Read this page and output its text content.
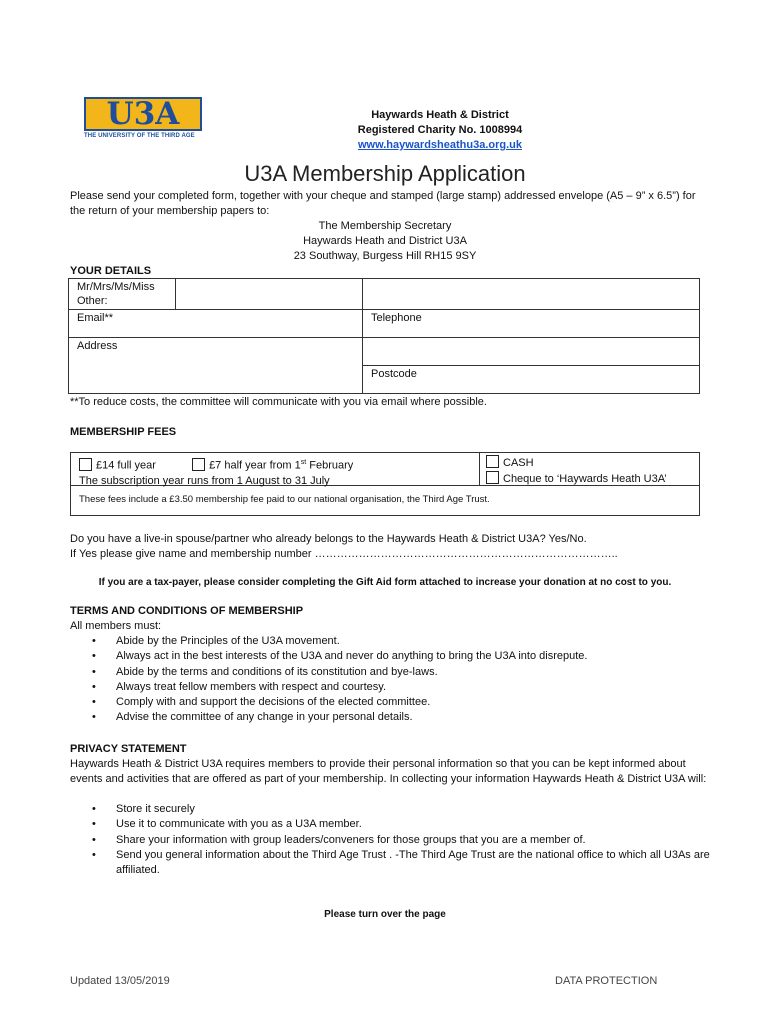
U3A
THE UNIVERSITY OF THE THIRD AGE
Haywards Heath & District
Registered Charity No. 1008994
www.haywardsheathu3a.org.uk
U3A Membership Application
Please send your completed form, together with your cheque and stamped (large stamp) addressed envelope (A5 – 9” x 6.5”) for the return of your membership papers to:
The Membership Secretary
Haywards Heath and District U3A
23 Southway, Burgess Hill RH15 9SY
YOUR DETAILS
Mr/Mrs/Ms/Miss
Other:		

Email**		Telephone
Address		
		Postcode
**To reduce costs, the committee will communicate with you via email where possible.
MEMBERSHIP FEES
£14 full year	£7 half year from 1st February
The subscription year runs from 1 August to 31 July
CASH
Cheque to ‘Haywards Heath U3A’
These fees include a £3.50 membership fee paid to our national organisation, the Third Age Trust.
Do you have a live-in spouse/partner who already belongs to the Haywards Heath & District U3A? Yes/No.
If Yes please give name and membership number ………………………………………………………………………..
If you are a tax-payer, please consider completing the Gift Aid form attached to increase your donation at no cost to you.
TERMS AND CONDITIONS OF MEMBERSHIP
All members must:
• Abide by the Principles of the U3A movement.
• Always act in the best interests of the U3A and never do anything to bring the U3A into disrepute.
• Abide by the terms and conditions of its constitution and bye-laws.
• Always treat fellow members with respect and courtesy.
• Comply with and support the decisions of the elected committee.
• Advise the committee of any change in your personal details.
PRIVACY STATEMENT
Haywards Heath & District U3A requires members to provide their personal information so that you can be kept informed about events and activities that are offered as part of your membership. In collecting your information Haywards Heath & District U3A will:
• Store it securely
• Use it to communicate with you as a U3A member.
• Share your information with group leaders/conveners for those groups that you are a member of.
• Send you general information about the Third Age Trust . -The Third Age Trust are the national office to which all U3As are affiliated.
Please turn over the page
Updated 13/05/2019	DATA PROTECTION
